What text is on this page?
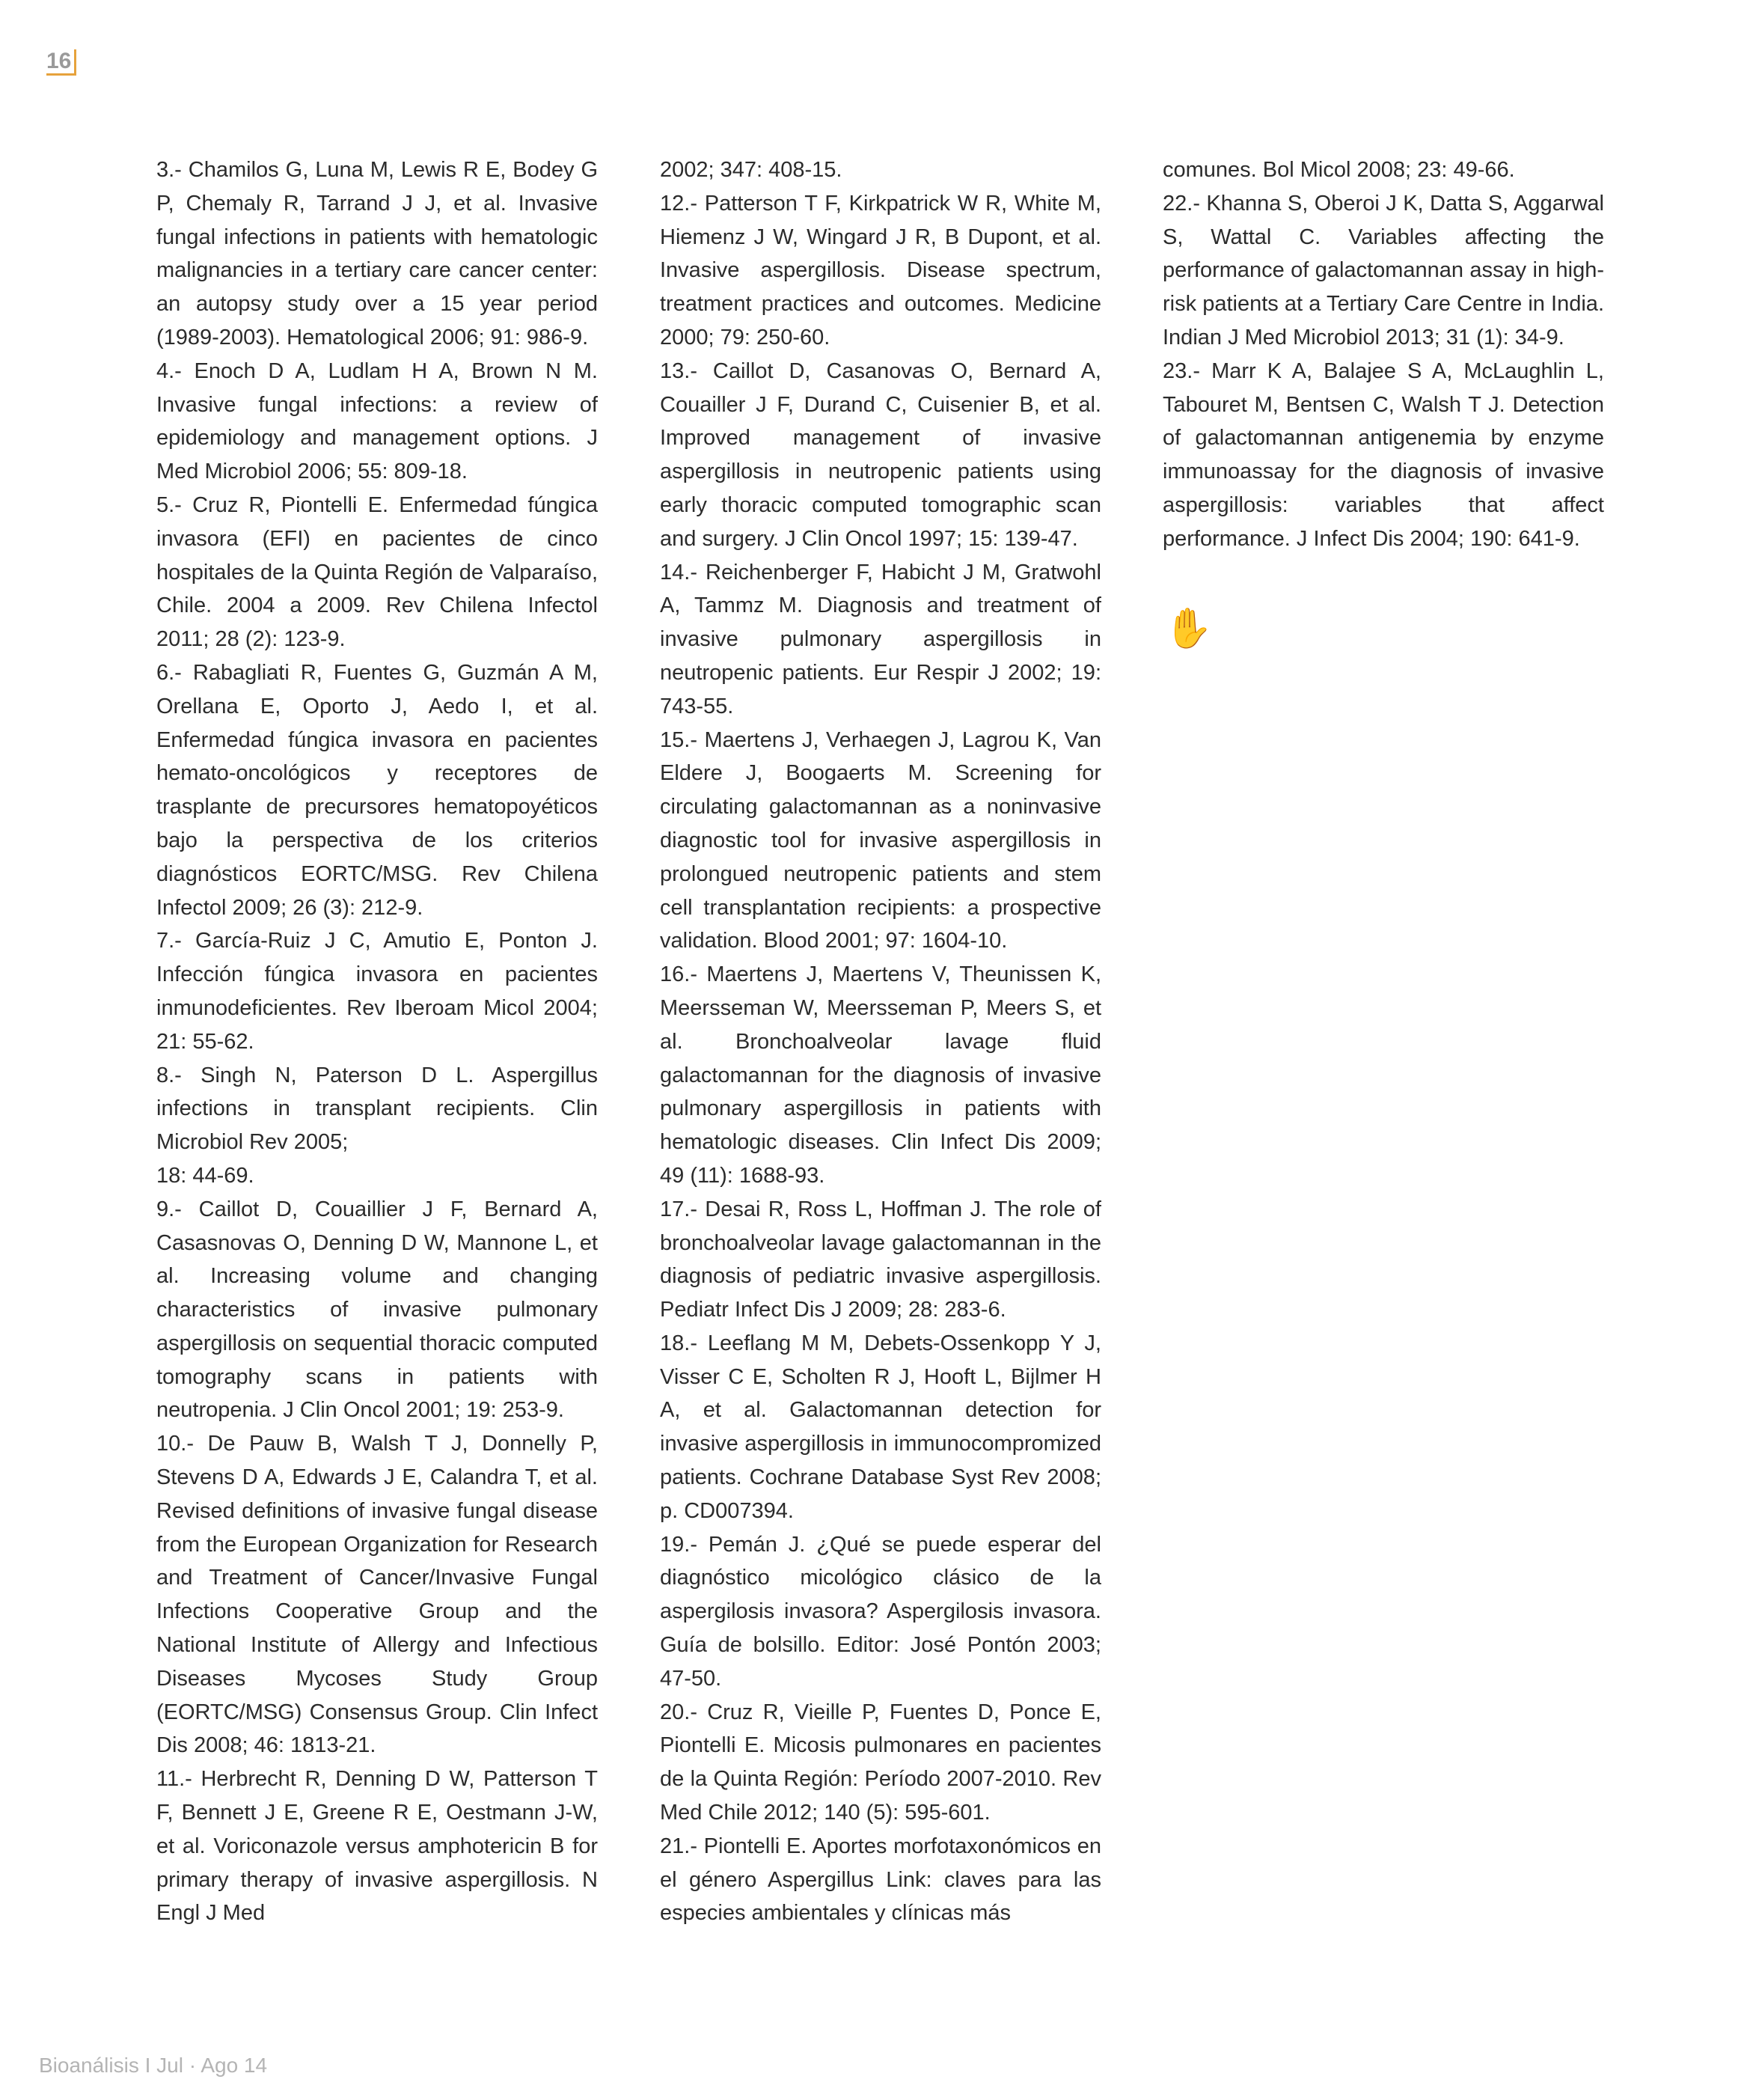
16

3.- Chamilos G, Luna M, Lewis R E, Bodey G P, Chemaly R, Tarrand J J, et al. Invasive fungal infections in patients with hematologic malignancies in a tertiary care cancer center: an autopsy study over a 15 year period (1989-2003). Hematological 2006; 91: 986-9.

4.- Enoch D A, Ludlam H A, Brown N M. Invasive fungal infections: a review of epidemiology and management options. J Med Microbiol 2006; 55: 809-18.

5.- Cruz R, Piontelli E. Enfermedad fúngica invasora (EFI) en pacientes de cinco hospitales de la Quinta Región de Valparaíso, Chile. 2004 a 2009. Rev Chilena Infectol 2011; 28 (2): 123-9.

6.- Rabagliati R, Fuentes G, Guzmán A M, Orellana E, Oporto J, Aedo I, et al. Enfermedad fúngica invasora en pacientes hemato-oncológicos y receptores de trasplante de precursores hematopoyéticos bajo la perspectiva de los criterios diagnósticos EORTC/MSG. Rev Chilena Infectol 2009; 26 (3): 212-9.

7.- García-Ruiz J C, Amutio E, Ponton J. Infección fúngica invasora en pacientes inmunodeficientes. Rev Iberoam Micol 2004; 21: 55-62.

8.- Singh N, Paterson D L. Aspergillus infections in transplant recipients. Clin Microbiol Rev 2005;

18: 44-69.

9.- Caillot D, Couaillier J F, Bernard A, Casasnovas O, Denning D W, Mannone L, et al. Increasing volume and changing characteristics of invasive pulmonary aspergillosis on sequential thoracic computed tomography scans in patients with neutropenia. J Clin Oncol 2001; 19: 253-9.

10.- De Pauw B, Walsh T J, Donnelly P, Stevens D A, Edwards J E, Calandra T, et al. Revised definitions of invasive fungal disease from the European Organization for Research and Treatment of Cancer/Invasive Fungal Infections Cooperative Group and the National Institute of Allergy and Infectious Diseases Mycoses Study Group (EORTC/MSG) Consensus Group. Clin Infect Dis 2008; 46: 1813-21.

11.- Herbrecht R, Denning D W, Patterson T F, Bennett J E, Greene R E, Oestmann J-W, et al. Voriconazole versus amphotericin B for primary therapy of invasive aspergillosis. N Engl J Med

2002; 347: 408-15.

12.- Patterson T F, Kirkpatrick W R, White M, Hiemenz J W, Wingard J R, B Dupont, et al. Invasive aspergillosis. Disease spectrum, treatment practices and outcomes. Medicine 2000; 79: 250-60.

13.- Caillot D, Casanovas O, Bernard A, Couailler J F, Durand C, Cuisenier B, et al. Improved management of invasive aspergillosis in neutropenic patients using early thoracic computed tomographic scan and surgery. J Clin Oncol 1997; 15: 139-47.

14.- Reichenberger F, Habicht J M, Gratwohl A, Tammz M. Diagnosis and treatment of invasive pulmonary aspergillosis in neutropenic patients. Eur Respir J 2002; 19: 743-55.

15.- Maertens J, Verhaegen J, Lagrou K, Van Eldere J, Boogaerts M. Screening for circulating galactomannan as a noninvasive diagnostic tool for invasive aspergillosis in prolongued neutropenic patients and stem cell transplantation recipients: a prospective validation. Blood 2001; 97: 1604-10.

16.- Maertens J, Maertens V, Theunissen K, Meersseman W, Meersseman P, Meers S, et al. Bronchoalveolar lavage fluid galactomannan for the diagnosis of invasive pulmonary aspergillosis in patients with hematologic diseases. Clin Infect Dis 2009; 49 (11): 1688-93.

17.- Desai R, Ross L, Hoffman J. The role of bronchoalveolar lavage galactomannan in the diagnosis of pediatric invasive aspergillosis. Pediatr Infect Dis J 2009; 28: 283-6.

18.- Leeflang M M, Debets-Ossenkopp Y J, Visser C E, Scholten R J, Hooft L, Bijlmer H A, et al. Galactomannan detection for invasive aspergillosis in immunocompromized patients. Cochrane Database Syst Rev 2008; p. CD007394.

19.- Pemán J. ¿Qué se puede esperar del diagnóstico micológico clásico de la aspergilosis invasora? Aspergilosis invasora. Guía de bolsillo. Editor: José Pontón 2003; 47-50.

20.- Cruz R, Vieille P, Fuentes D, Ponce E, Piontelli E. Micosis pulmonares en pacientes de la Quinta Región: Período 2007-2010. Rev Med Chile 2012; 140 (5): 595-601.

21.- Piontelli E. Aportes morfotaxonómicos en el género Aspergillus Link: claves para las especies ambientales y clínicas más

comunes. Bol Micol 2008; 23: 49-66.

22.- Khanna S, Oberoi J K, Datta S, Aggarwal S, Wattal C. Variables affecting the performance of galactomannan assay in high-risk patients at a Tertiary Care Centre in India. Indian J Med Microbiol 2013; 31 (1): 34-9.

23.- Marr K A, Balajee S A, McLaughlin L, Tabouret M, Bentsen C, Walsh T J. Detection of galactomannan antigenemia by enzyme immunoassay for the diagnosis of invasive aspergillosis: variables that affect performance. J Infect Dis 2004; 190: 641-9.

✋
Bioanálisis I Jul · Ago 14
